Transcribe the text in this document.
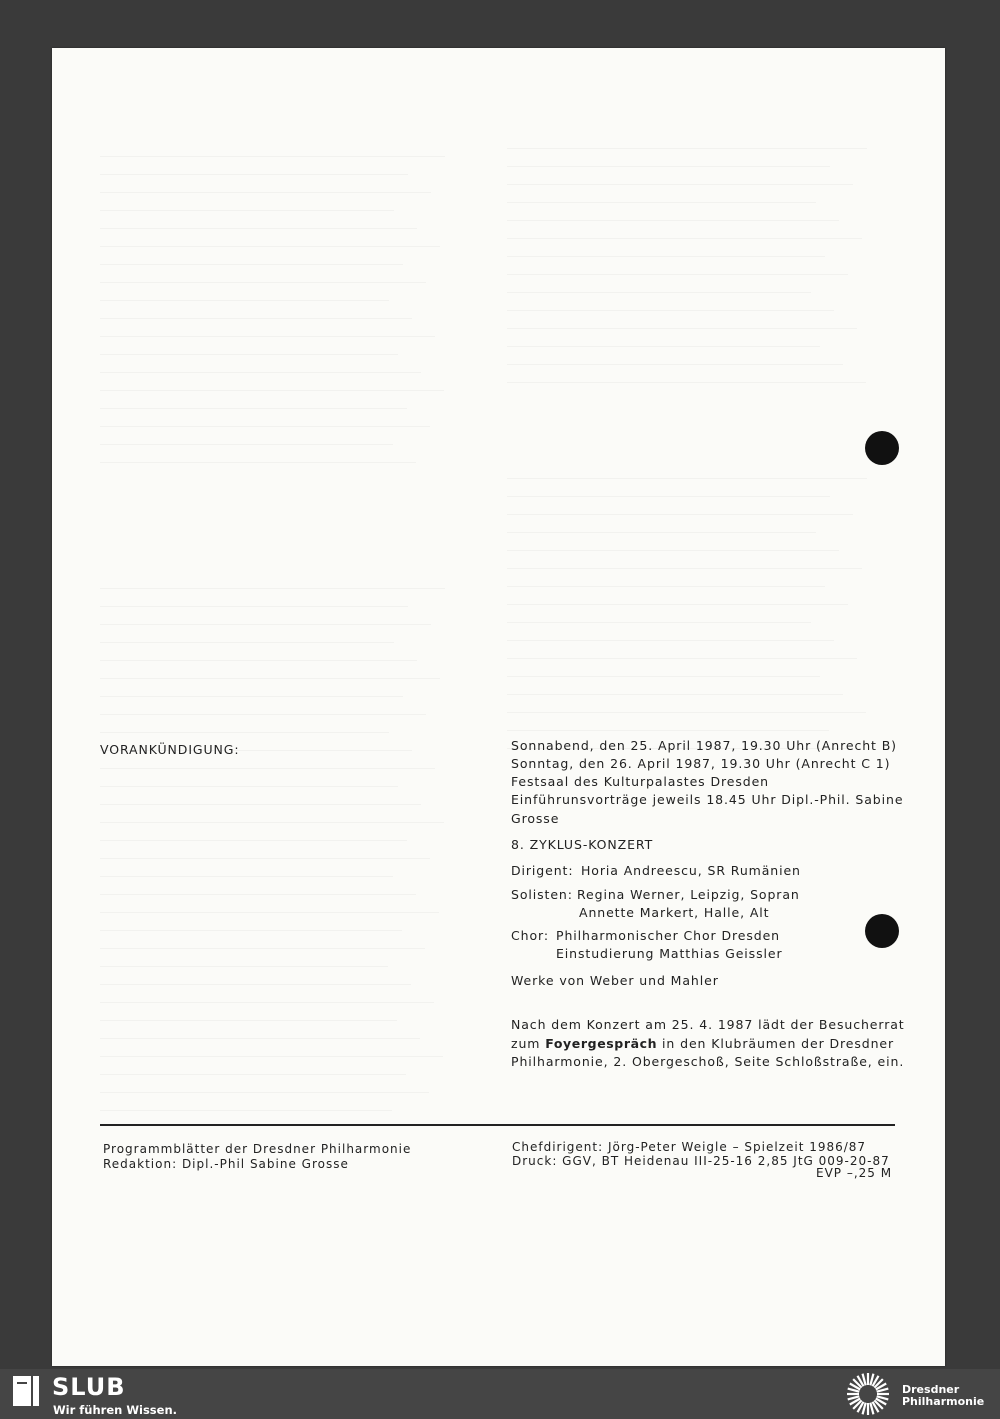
VORANKÜNDIGUNG:	Sonnabend, den 25. April 1987, 19.30 Uhr (Anrecht B)
Sonntag, den 26. April 1987, 19.30 Uhr (Anrecht C 1)
Festsaal des Kulturpalastes Dresden
Einführunsvorträge jeweils 18.45 Uhr Dipl.-Phil. Sabine
Grosse
8. ZYKLUS-KONZERT
Dirigent: Horia Andreescu, SR Rumänien
Solisten: Regina Werner, Leipzig, Sopran
Annette Markert, Halle, Alt
Chor: Philharmonischer Chor Dresden
Einstudierung Matthias Geissler
Werke von Weber und Mahler
Nach dem Konzert am 25. 4. 1987 lädt der Besucherrat
zum Foyergespräch in den Klubräumen der Dresdner
Philharmonie, 2. Obergeschoß, Seite Schloßstraße, ein.
Programmblätter der Dresdner Philharmonie
Redaktion: Dipl.-Phil Sabine Grosse
Chefdirigent: Jörg-Peter Weigle – Spielzeit 1986/87
Druck: GGV, BT Heidenau III-25-16 2,85 JtG 009-20-87
EVP –,25 M
SLUB
Wir führen Wissen.
Dresdner
Philharmonie
